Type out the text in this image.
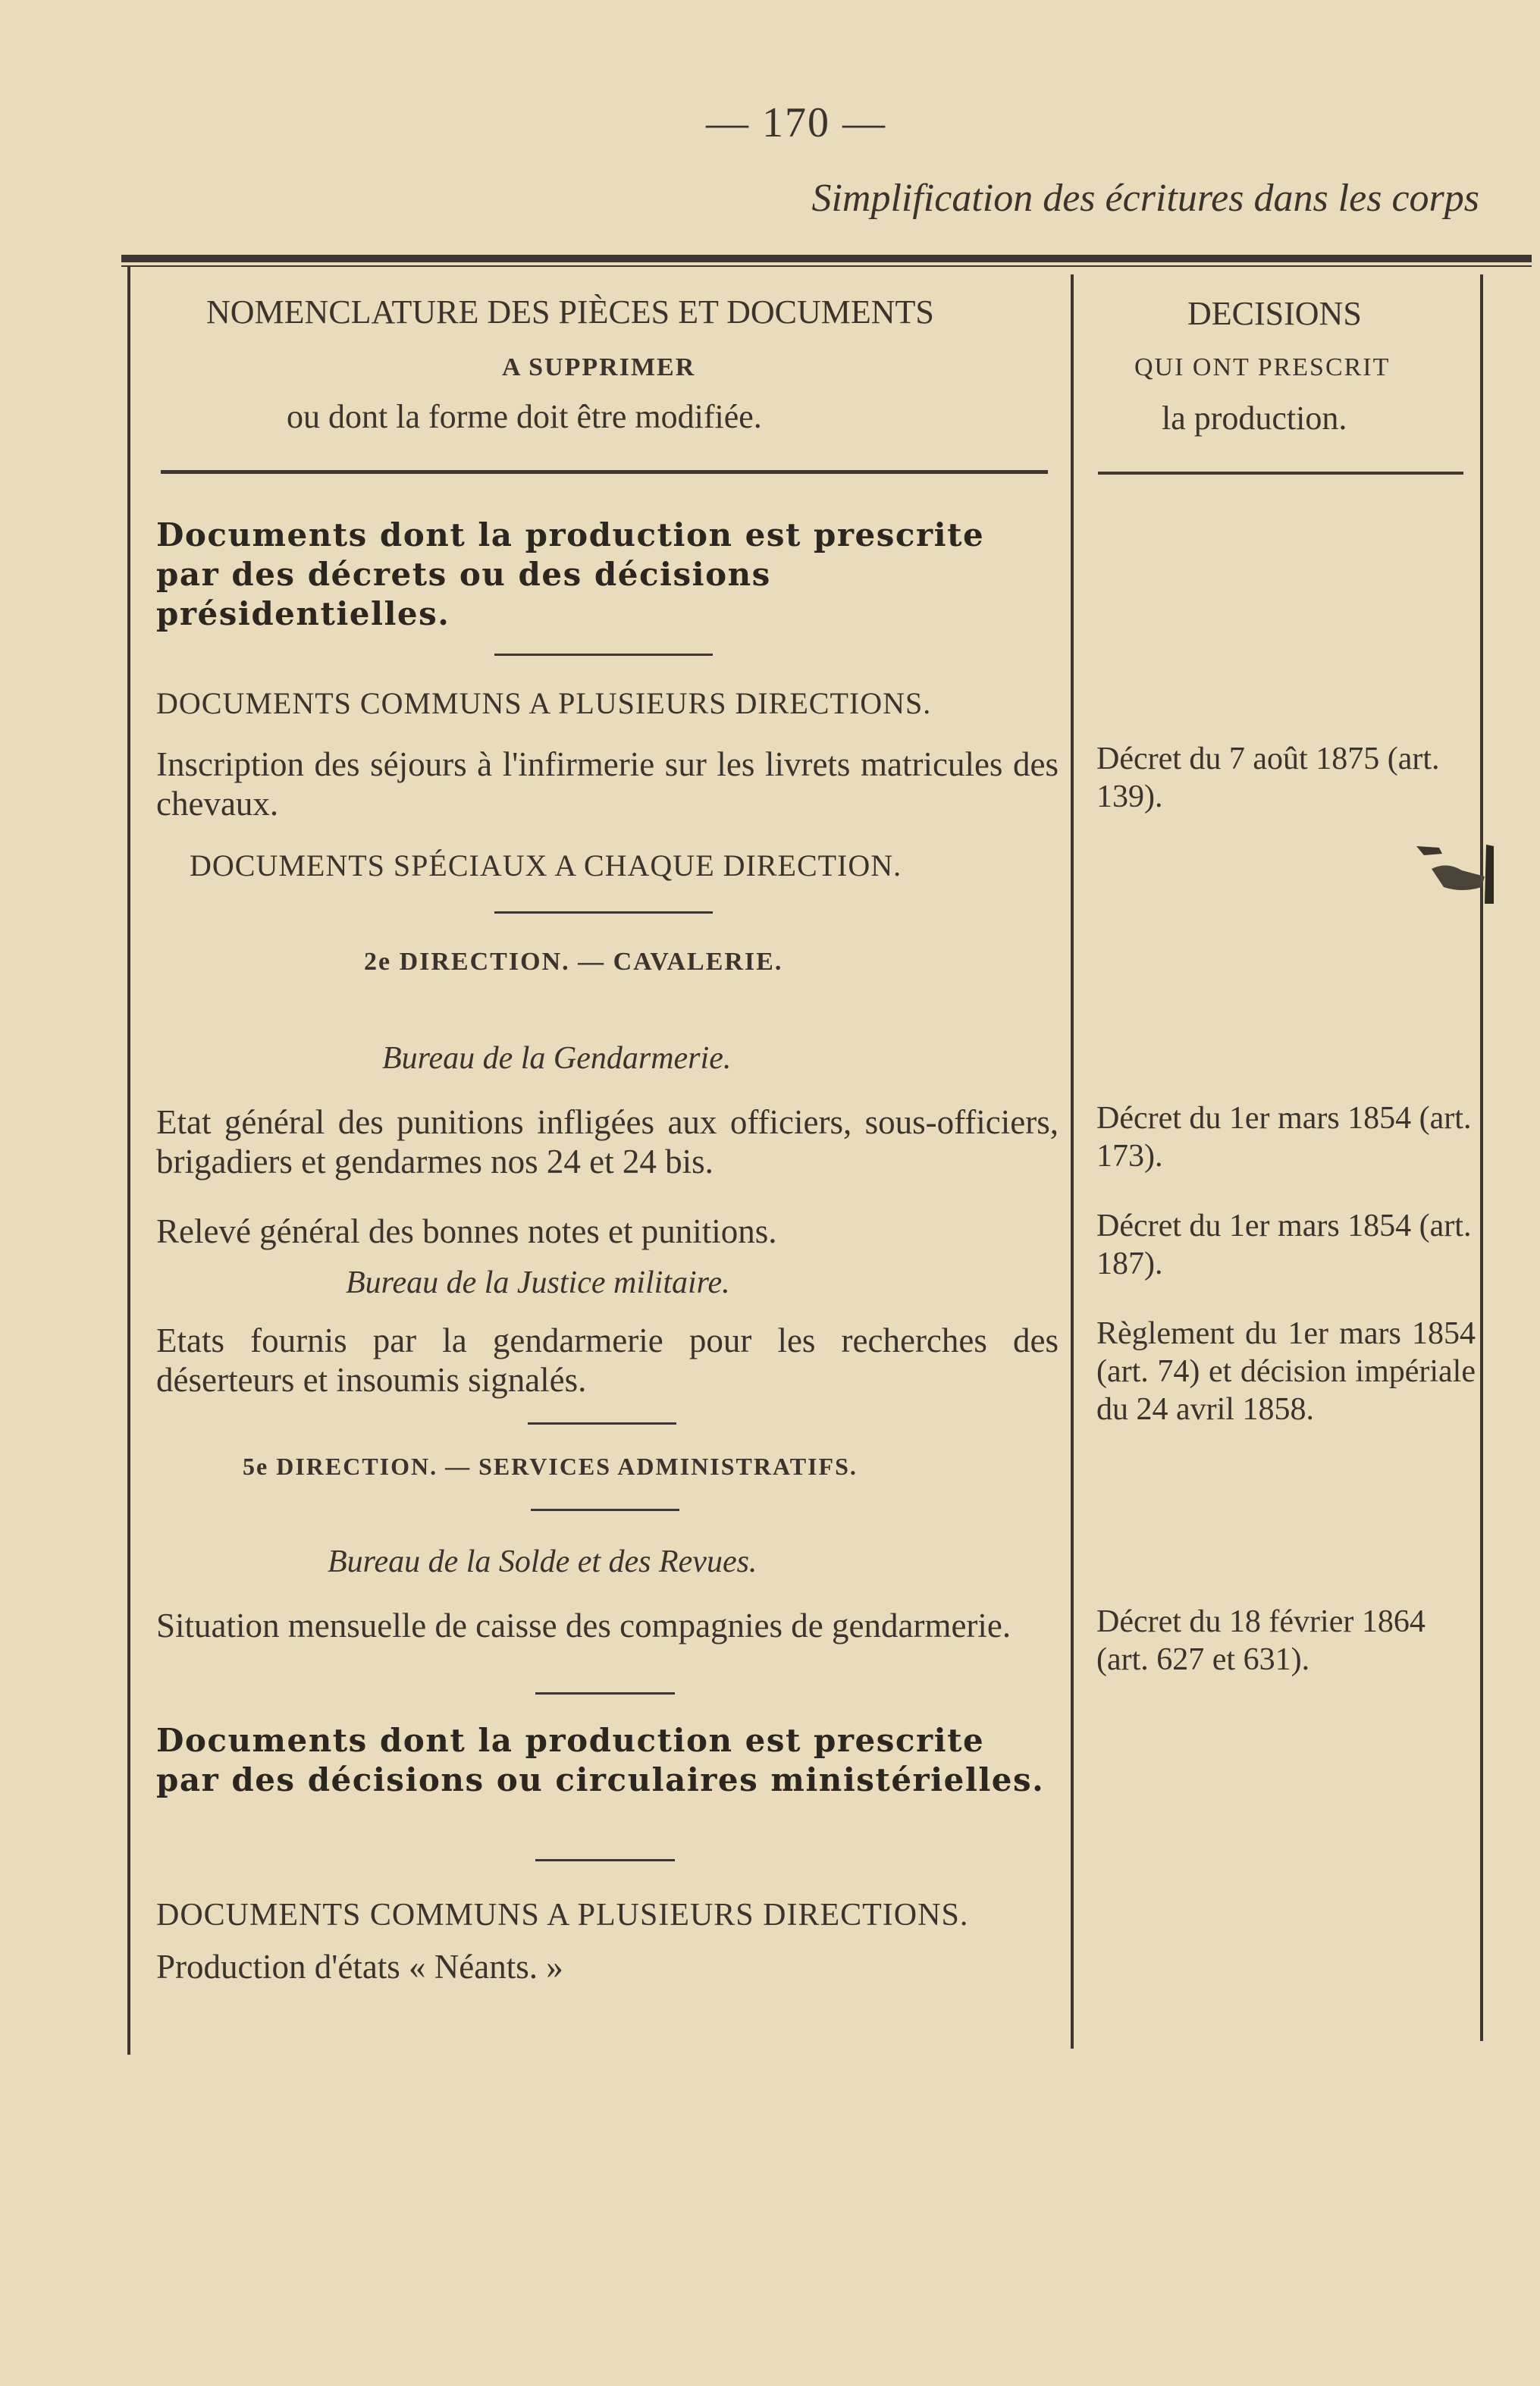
— 170 —
Simplification des écritures dans les corps
NOMENCLATURE DES PIÈCES ET DOCUMENTS
A SUPPRIMER
ou dont la forme doit être modifiée.
DECISIONS
QUI ONT PRESCRIT
la production.
Documents dont la production est prescrite par des décrets ou des décisions présidentielles.
DOCUMENTS COMMUNS A PLUSIEURS DIRECTIONS.
Inscription des séjours à l'infirmerie sur les livrets matricules des chevaux.
Décret du 7 août 1875 (art. 139).
DOCUMENTS SPÉCIAUX A CHAQUE DIRECTION.
2e DIRECTION. — CAVALERIE.
Bureau de la Gendarmerie.
Etat général des punitions infligées aux officiers, sous-officiers, brigadiers et gendarmes nos 24 et 24 bis.
Décret du 1er mars 1854 (art. 173).
Relevé général des bonnes notes et punitions.	Décret du 1er mars 1854 (art. 187).
Bureau de la Justice militaire.
Etats fournis par la gendarmerie pour les recherches des déserteurs et insoumis signalés.
Règlement du 1er mars 1854 (art. 74) et décision impériale du 24 avril 1858.
5e DIRECTION. — SERVICES ADMINISTRATIFS.
Bureau de la Solde et des Revues.
Situation mensuelle de caisse des compagnies de gendarmerie.	Décret du 18 février 1864 (art. 627 et 631).
Documents dont la production est prescrite par des décisions ou circulaires ministérielles.
DOCUMENTS COMMUNS A PLUSIEURS DIRECTIONS.
Production d'états « Néants. »
